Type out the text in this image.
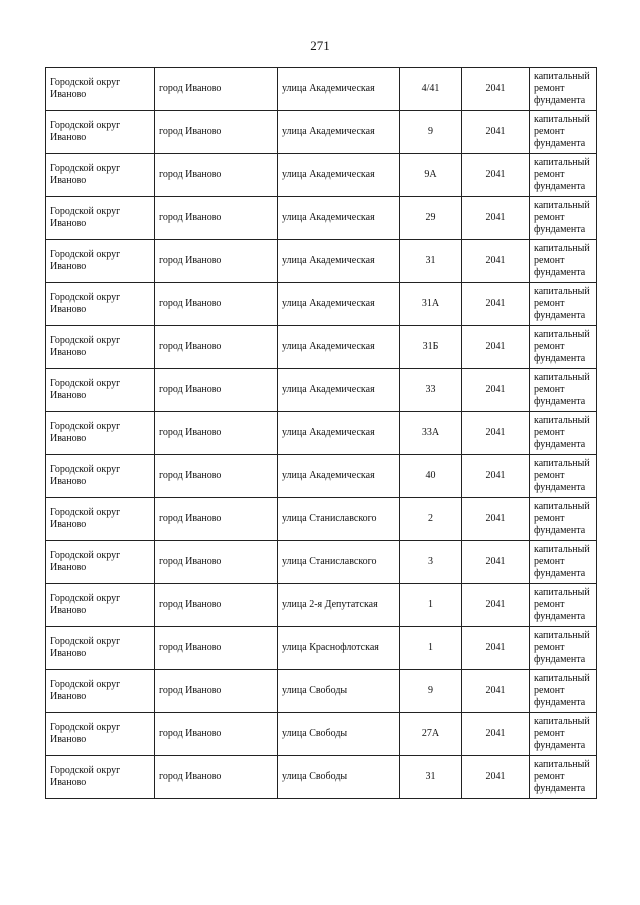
271
Городской округ Иваново	город Иваново	улица Академическая	4/41	2041	капитальный ремонт фундамента
Городской округ Иваново	город Иваново	улица Академическая	9	2041	капитальный ремонт фундамента
Городской округ Иваново	город Иваново	улица Академическая	9А	2041	капитальный ремонт фундамента
Городской округ Иваново	город Иваново	улица Академическая	29	2041	капитальный ремонт фундамента
Городской округ Иваново	город Иваново	улица Академическая	31	2041	капитальный ремонт фундамента
Городской округ Иваново	город Иваново	улица Академическая	31А	2041	капитальный ремонт фундамента
Городской округ Иваново	город Иваново	улица Академическая	31Б	2041	капитальный ремонт фундамента
Городской округ Иваново	город Иваново	улица Академическая	33	2041	капитальный ремонт фундамента
Городской округ Иваново	город Иваново	улица Академическая	33А	2041	капитальный ремонт фундамента
Городской округ Иваново	город Иваново	улица Академическая	40	2041	капитальный ремонт фундамента
Городской округ Иваново	город Иваново	улица Станиславского	2	2041	капитальный ремонт фундамента
Городской округ Иваново	город Иваново	улица Станиславского	3	2041	капитальный ремонт фундамента
Городской округ Иваново	город Иваново	улица 2-я Депутатская	1	2041	капитальный ремонт фундамента
Городской округ Иваново	город Иваново	улица Краснофлотская	1	2041	капитальный ремонт фундамента
Городской округ Иваново	город Иваново	улица Свободы	9	2041	капитальный ремонт фундамента
Городской округ Иваново	город Иваново	улица Свободы	27А	2041	капитальный ремонт фундамента
Городской округ Иваново	город Иваново	улица Свободы	31	2041	капитальный ремонт фундамента
